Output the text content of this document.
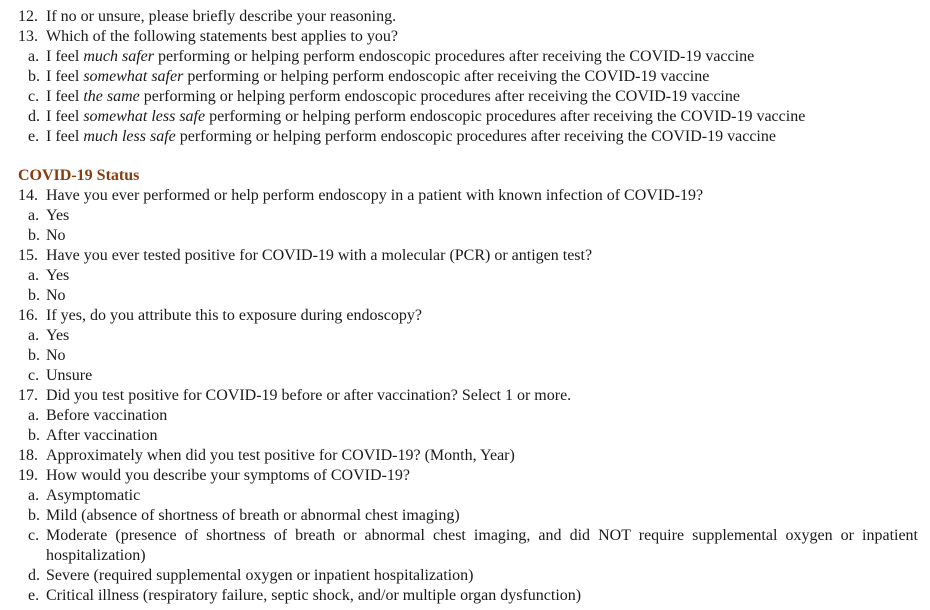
12. If no or unsure, please briefly describe your reasoning.
13. Which of the following statements best applies to you?
a. I feel much safer performing or helping perform endoscopic procedures after receiving the COVID-19 vaccine
b. I feel somewhat safer performing or helping perform endoscopic after receiving the COVID-19 vaccine
c. I feel the same performing or helping perform endoscopic procedures after receiving the COVID-19 vaccine
d. I feel somewhat less safe performing or helping perform endoscopic procedures after receiving the COVID-19 vaccine
e. I feel much less safe performing or helping perform endoscopic procedures after receiving the COVID-19 vaccine
COVID-19 Status
14. Have you ever performed or help perform endoscopy in a patient with known infection of COVID-19?
a. Yes
b. No
15. Have you ever tested positive for COVID-19 with a molecular (PCR) or antigen test?
a. Yes
b. No
16. If yes, do you attribute this to exposure during endoscopy?
a. Yes
b. No
c. Unsure
17. Did you test positive for COVID-19 before or after vaccination? Select 1 or more.
a. Before vaccination
b. After vaccination
18. Approximately when did you test positive for COVID-19? (Month, Year)
19. How would you describe your symptoms of COVID-19?
a. Asymptomatic
b. Mild (absence of shortness of breath or abnormal chest imaging)
c. Moderate (presence of shortness of breath or abnormal chest imaging, and did NOT require supplemental oxygen or inpatient
hospitalization)
d. Severe (required supplemental oxygen or inpatient hospitalization)
e. Critical illness (respiratory failure, septic shock, and/or multiple organ dysfunction)
